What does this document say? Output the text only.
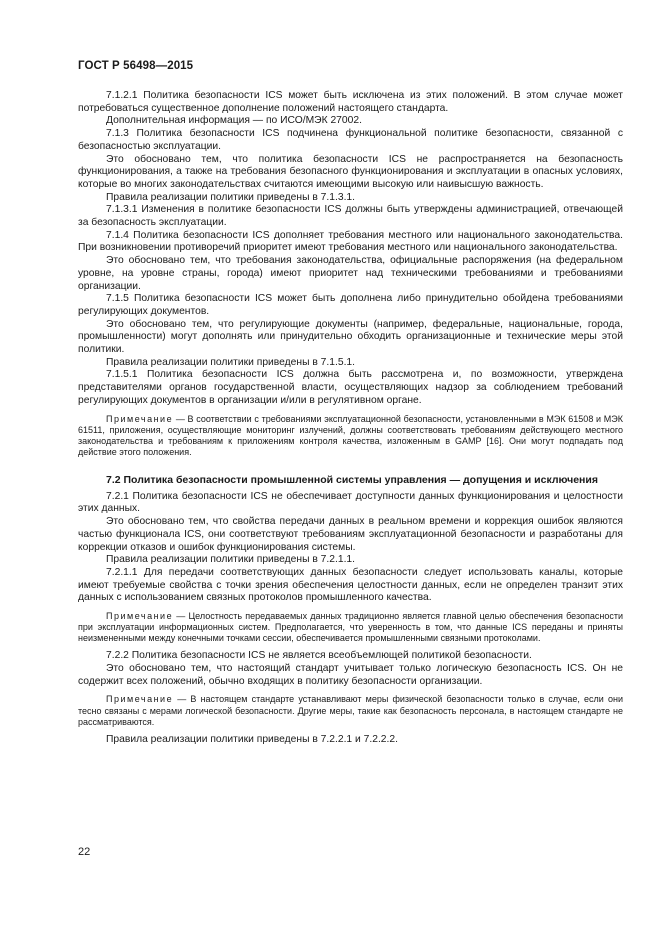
ГОСТ Р 56498—2015

7.1.2.1 Политика безопасности ICS может быть исключена из этих положений. В этом случае может потребоваться существенное дополнение положений настоящего стандарта.

Дополнительная информация — по ИСО/МЭК 27002.

7.1.3 Политика безопасности ICS подчинена функциональной политике безопасности, связанной с безопасностью эксплуатации.

Это обосновано тем, что политика безопасности ICS не распространяется на безопасность функционирования, а также на требования безопасного функционирования и эксплуатации в опасных условиях, которые во многих законодательствах считаются имеющими высокую или наивысшую важность.

Правила реализации политики приведены в 7.1.3.1.

7.1.3.1 Изменения в политике безопасности ICS должны быть утверждены администрацией, отвечающей за безопасность эксплуатации.

7.1.4 Политика безопасности ICS дополняет требования местного или национального законодательства. При возникновении противоречий приоритет имеют требования местного или национального законодательства.

Это обосновано тем, что требования законодательства, официальные распоряжения (на федеральном уровне, на уровне страны, города) имеют приоритет над техническими требованиями и требованиями организации.

7.1.5 Политика безопасности ICS может быть дополнена либо принудительно обойдена требованиями регулирующих документов.

Это обосновано тем, что регулирующие документы (например, федеральные, национальные, города, промышленности) могут дополнять или принудительно обходить организационные и технические меры этой политики.

Правила реализации политики приведены в 7.1.5.1.

7.1.5.1 Политика безопасности ICS должна быть рассмотрена и, по возможности, утверждена представителями органов государственной власти, осуществляющих надзор за соблюдением требований регулирующих документов в организации и/или в регулятивном органе.

Примечание — В соответствии с требованиями эксплуатационной безопасности, установленными в МЭК 61508 и МЭК 61511, приложения, осуществляющие мониторинг излучений, должны соответствовать требованиям действующего местного законодательства и требованиям к приложениям контроля качества, изложенным в GAMP [16]. Они могут подпадать под действие этого положения.

7.2 Политика безопасности промышленной системы управления — допущения и исключения

7.2.1 Политика безопасности ICS не обеспечивает доступности данных функционирования и целостности этих данных.

Это обосновано тем, что свойства передачи данных в реальном времени и коррекция ошибок являются частью функционала ICS, они соответствуют требованиям эксплуатационной безопасности и разработаны для коррекции отказов и ошибок функционирования системы.

Правила реализации политики приведены в 7.2.1.1.

7.2.1.1 Для передачи соответствующих данных безопасности следует использовать каналы, которые имеют требуемые свойства с точки зрения обеспечения целостности данных, если не определен транзит этих данных с использованием связных протоколов промышленного качества.

Примечание — Целостность передаваемых данных традиционно является главной целью обеспечения безопасности при эксплуатации информационных систем. Предполагается, что уверенность в том, что данные ICS переданы и приняты неизмененными между конечными точками сессии, обеспечивается промышленными связными протоколами.

7.2.2 Политика безопасности ICS не является всеобъемлющей политикой безопасности.

Это обосновано тем, что настоящий стандарт учитывает только логическую безопасность ICS. Он не содержит всех положений, обычно входящих в политику безопасности организации.

Примечание — В настоящем стандарте устанавливают меры физической безопасности только в случае, если они тесно связаны с мерами логической безопасности. Другие меры, такие как безопасность персонала, в настоящем стандарте не рассматриваются.

Правила реализации политики приведены в 7.2.2.1 и 7.2.2.2.

22
